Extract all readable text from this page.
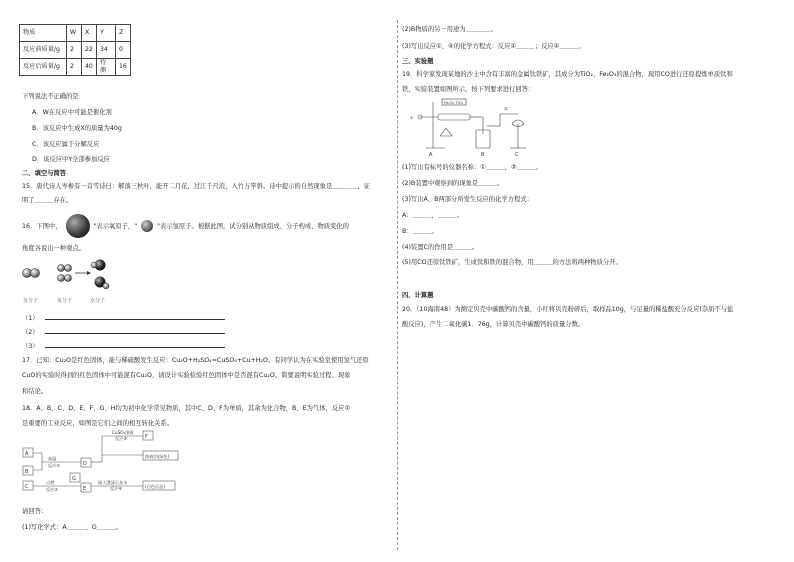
物质	W	X	Y	Z
反应前质量/g	2	22	34	0
反应后质量/g	2	40	待测	16
下列说法不正确的是
A．W在反应中可能是催化剂
B．该反应中生成X的质量为40g
C．该反应属于分解反应
D．该反应中Y全部参加反应
二、填空与简答
15．唐代诗人岑参有一首雪诗曰：解落三秋叶，能开二月花，过江千尺浪，入竹万竿斜。诗中提示的自然现象是＿＿＿＿，证
明了＿＿＿存在。
16．下图中，	"表示氧原子，"	"表示氢原子。根据此图，试分别从物质组成、分子构成、物质变化的
角度各说出一种观点。
氢分子	氧分子	水分子
（1）
（2）
（3）
17．已知：Cu₂O是红色固体，能与稀硫酸发生反应：Cu₂O+H₂SO₄=CuSO₄+Cu+H₂O。有同学认为在实验室使用氢气还原
CuO的实验时得到的红色固体中可能混有Cu₂O，请设计实验检验红色固体中是否混有Cu₂O。简要说明实验过程、现象
和结论。
18．A、B、C、D、E、F、G、H均为初中化学常见物质，其中C、D、F为单质，其余为化合物，B、E为气体，反应①
是重要的工业反应，如图是它们之间的相互转化关系。
A
B
C
D
E
F
G
高温
反应①
点燃
反应②
CuSO₄溶液
反应③
通入澄清石灰水
反应④
溶液(浅绿色)
(白色沉淀)
请回答：
(1)写化学式：A＿＿＿、G＿＿＿。
(2)B物质的另一用途为＿＿＿＿。
(3)写出反应①、④的化学方程式：反应①＿＿＿；反应④＿＿＿。
三、实验题
19．科学家发现某地的沙土中含有丰富的金属钛铁矿，其成分为TiO₂、Fe₂O₃的混合物，现用CO进行还原提炼单质钛和
铁，实验装置如图所示，按下列要求进行回答：
Fe₂O₃ TiO₂
A	B	C
①
②
(1)写出有标号的仪器名称：①＿＿＿，②＿＿＿。
(2)B装置中观察到的现象是＿＿＿。
(3)写出A、B两部分所发生反应的化学方程式：
A：＿＿＿，＿＿＿。
B：＿＿＿。
(4)装置C的作用是＿＿＿。
(5)用CO还原钛铁矿，生成钛和铁的混合物，用＿＿＿的方法将两种物质分开。
四、计算题
20．（10海南48）为测定贝壳中碳酸钙的含量，小红将贝壳粉碎后，取样品10g，与足量的稀盐酸充分反应(杂质不与盐
酸反应)，产生二氧化碳1．76g，计算贝壳中碳酸钙的质量分数。
